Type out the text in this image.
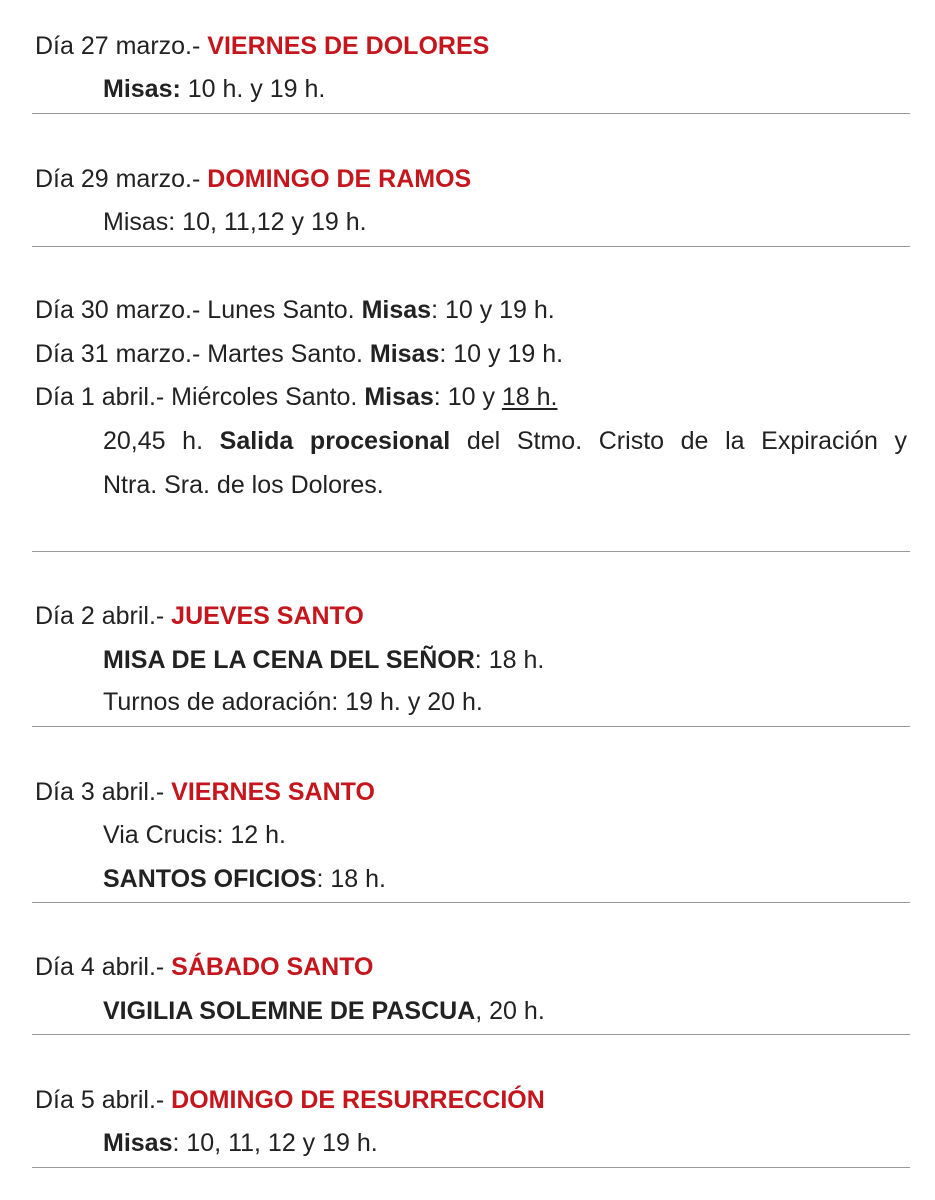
Día 27 marzo.- VIERNES DE DOLORES
Misas: 10 h. y 19 h.
Día 29 marzo.- DOMINGO DE RAMOS
Misas: 10, 11,12 y 19 h.
Día 30 marzo.- Lunes Santo. Misas: 10 y 19 h.
Día 31 marzo.- Martes Santo. Misas: 10 y 19 h.
Día 1 abril.- Miércoles Santo. Misas: 10 y 18 h.
20,45 h. Salida procesional del Stmo. Cristo de la Expiración y
Ntra. Sra. de los Dolores.
Día 2 abril.- JUEVES SANTO
MISA DE LA CENA DEL SEÑOR: 18 h.
Turnos de adoración: 19 h. y 20 h.
Día 3 abril.- VIERNES SANTO
Via Crucis: 12 h.
SANTOS OFICIOS: 18 h.
Día 4 abril.- SÁBADO SANTO
VIGILIA SOLEMNE DE PASCUA, 20 h.
Día 5 abril.- DOMINGO DE RESURRECCIÓN
Misas: 10, 11, 12 y 19 h.
